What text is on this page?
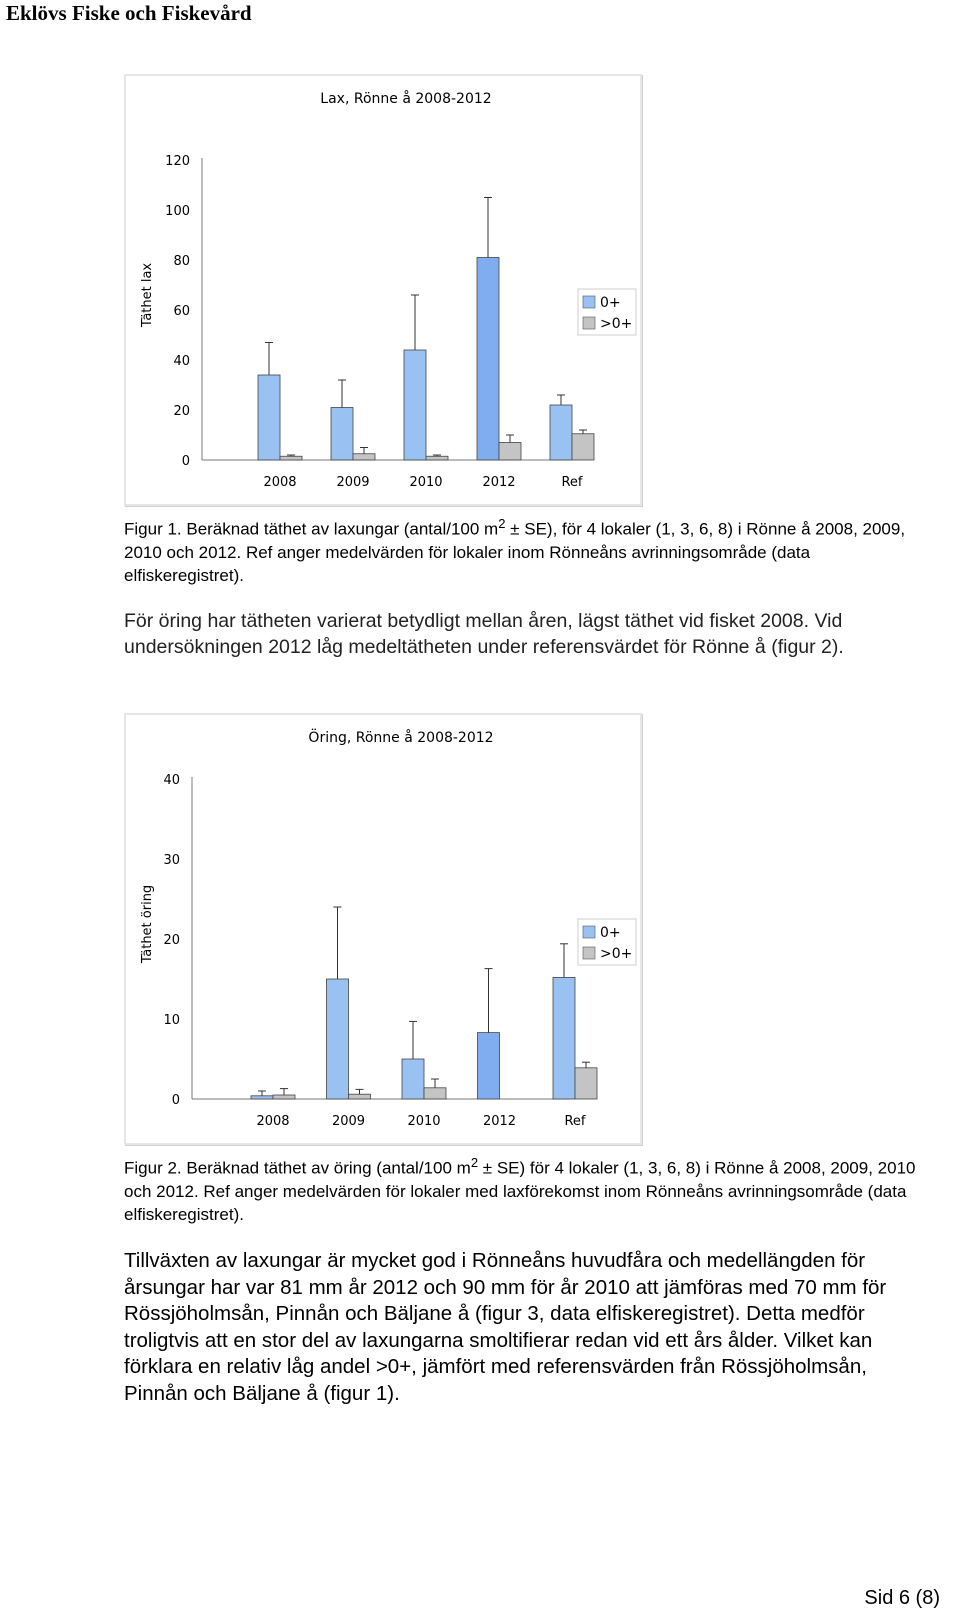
Eklövs Fiske och Fiskevård
Lax, Rönne å 2008-2012
0
20
40
60
80
100
120
Täthet lax
2008	2009	2010	2012	Ref
0+
>0+
Figur 1. Beräknad täthet av laxungar (antal/100 $m^2 \pm SE$), för 4 lokaler (1, 3, 6, 8) i Rönne å 2008, 2009, 2010 och 2012. Ref anger medelvärden för lokaler inom Rönneåns avrinningsområde (data elfiskeregistret).
För öring har tätheten varierat betydligt mellan åren, lägst täthet vid fisket 2008. Vid undersökningen 2012 låg medeltätheten under referensvärdet för Rönne å (figur 2).
Öring, Rönne å 2008-2012
0
10
20
30
40
Täthet öring
2008	2009	2010	2012	Ref
0+
>0+
Figur 2. Beräknad täthet av öring (antal/100 $m^2 \pm SE$) för 4 lokaler (1, 3, 6, 8) i Rönne å 2008, 2009, 2010 och 2012. Ref anger medelvärden för lokaler med laxförekomst inom Rönneåns avrinningsområde (data elfiskeregistret).
Tillväxten av laxungar är mycket god i Rönneåns huvudfåra och medellängden för årsungar har var 81 mm år 2012 och 90 mm för år 2010 att jämföras med 70 mm för Rössjöholmsån, Pinnån och Bäljane å (figur 3, data elfiskeregistret). Detta medför troligtvis att en stor del av laxungarna smoltifierar redan vid ett års ålder. Vilket kan förklara en relativ låg andel >0+, jämfört med referensvärden från Rössjöholmsån, Pinnån och Bäljane å (figur 1).
Sid 6 (8)
